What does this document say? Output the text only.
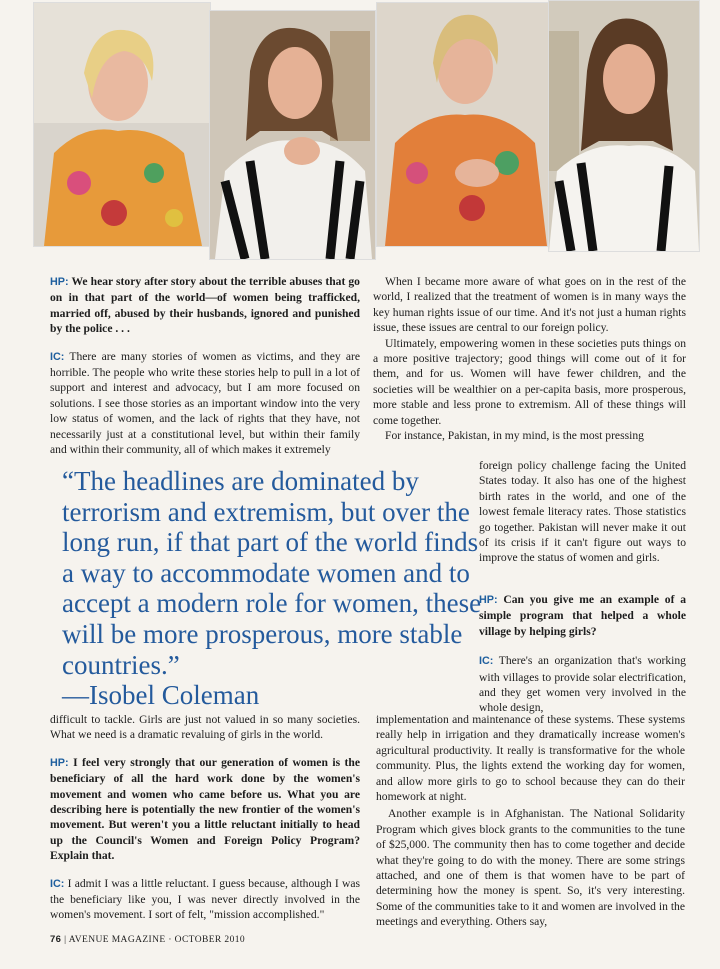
HP: We hear story after story about the terrible abuses that go on in that part of the world—of women being trafficked, married off, abused by their husbands, ignored and punished by the police . . .

IC: There are many stories of women as victims, and they are horrible. The people who write these stories help to pull in a lot of support and interest and advocacy, but I am more focused on solutions. I see those stories as an important window into the very low status of women, and the lack of rights that they have, not necessarily just at a constitutional level, but within their family and within their community, all of which makes it extremely

When I became more aware of what goes on in the rest of the world, I realized that the treatment of women is in many ways the key human rights issue of our time. And it's not just a human rights issue, these issues are central to our foreign policy.

Ultimately, empowering women in these societies puts things on a more positive trajectory; good things will come out of it for them, and for us. Women will have fewer children, and the societies will be wealthier on a per-capita basis, more prosperous, more stable and less prone to extremism. All of these things will come together.

For instance, Pakistan, in my mind, is the most pressing

foreign policy challenge facing the United States today. It also has one of the highest birth rates in the world, and one of the lowest female literacy rates. Those statistics go together. Pakistan will never make it out of its crisis if it can't figure out ways to improve the status of women and girls.

HP: Can you give me an example of a simple program that helped a whole village by helping girls?

IC: There's an organization that's working with villages to provide solar electrification, and they get women very involved in the whole design,

“The headlines are dominated by terrorism and extremism, but over the long run, if that part of the world finds a way to accommodate women and to accept a modern role for women, these will be more prosperous, more stable countries.”
—Isobel Coleman

difficult to tackle. Girls are just not valued in so many societies. What we need is a dramatic revaluing of girls in the world.

HP: I feel very strongly that our generation of women is the beneficiary of all the hard work done by the women's movement and women who came before us. What you are describing here is potentially the new frontier of the women's movement. But weren't you a little reluctant initially to head up the Council's Women and Foreign Policy Program? Explain that.

IC: I admit I was a little reluctant. I guess because, although I was the beneficiary like you, I was never directly involved in the women's movement. I sort of felt, "mission accomplished."

implementation and maintenance of these systems. These systems really help in irrigation and they dramatically increase women's agricultural productivity. It really is transformative for the whole community. Plus, the lights extend the working day for women, and allow more girls to go to school because they can do their homework at night.

Another example is in Afghanistan. The National Solidarity Program which gives block grants to the communities to the tune of $25,000. The community then has to come together and decide what they're going to do with the money. There are some strings attached, and one of them is that women have to be part of determining how the money is spent. So, it's very interesting. Some of the communities take to it and women are involved in the meetings and everything. Others say,

76 | AVENUE MAGAZINE · OCTOBER 2010
